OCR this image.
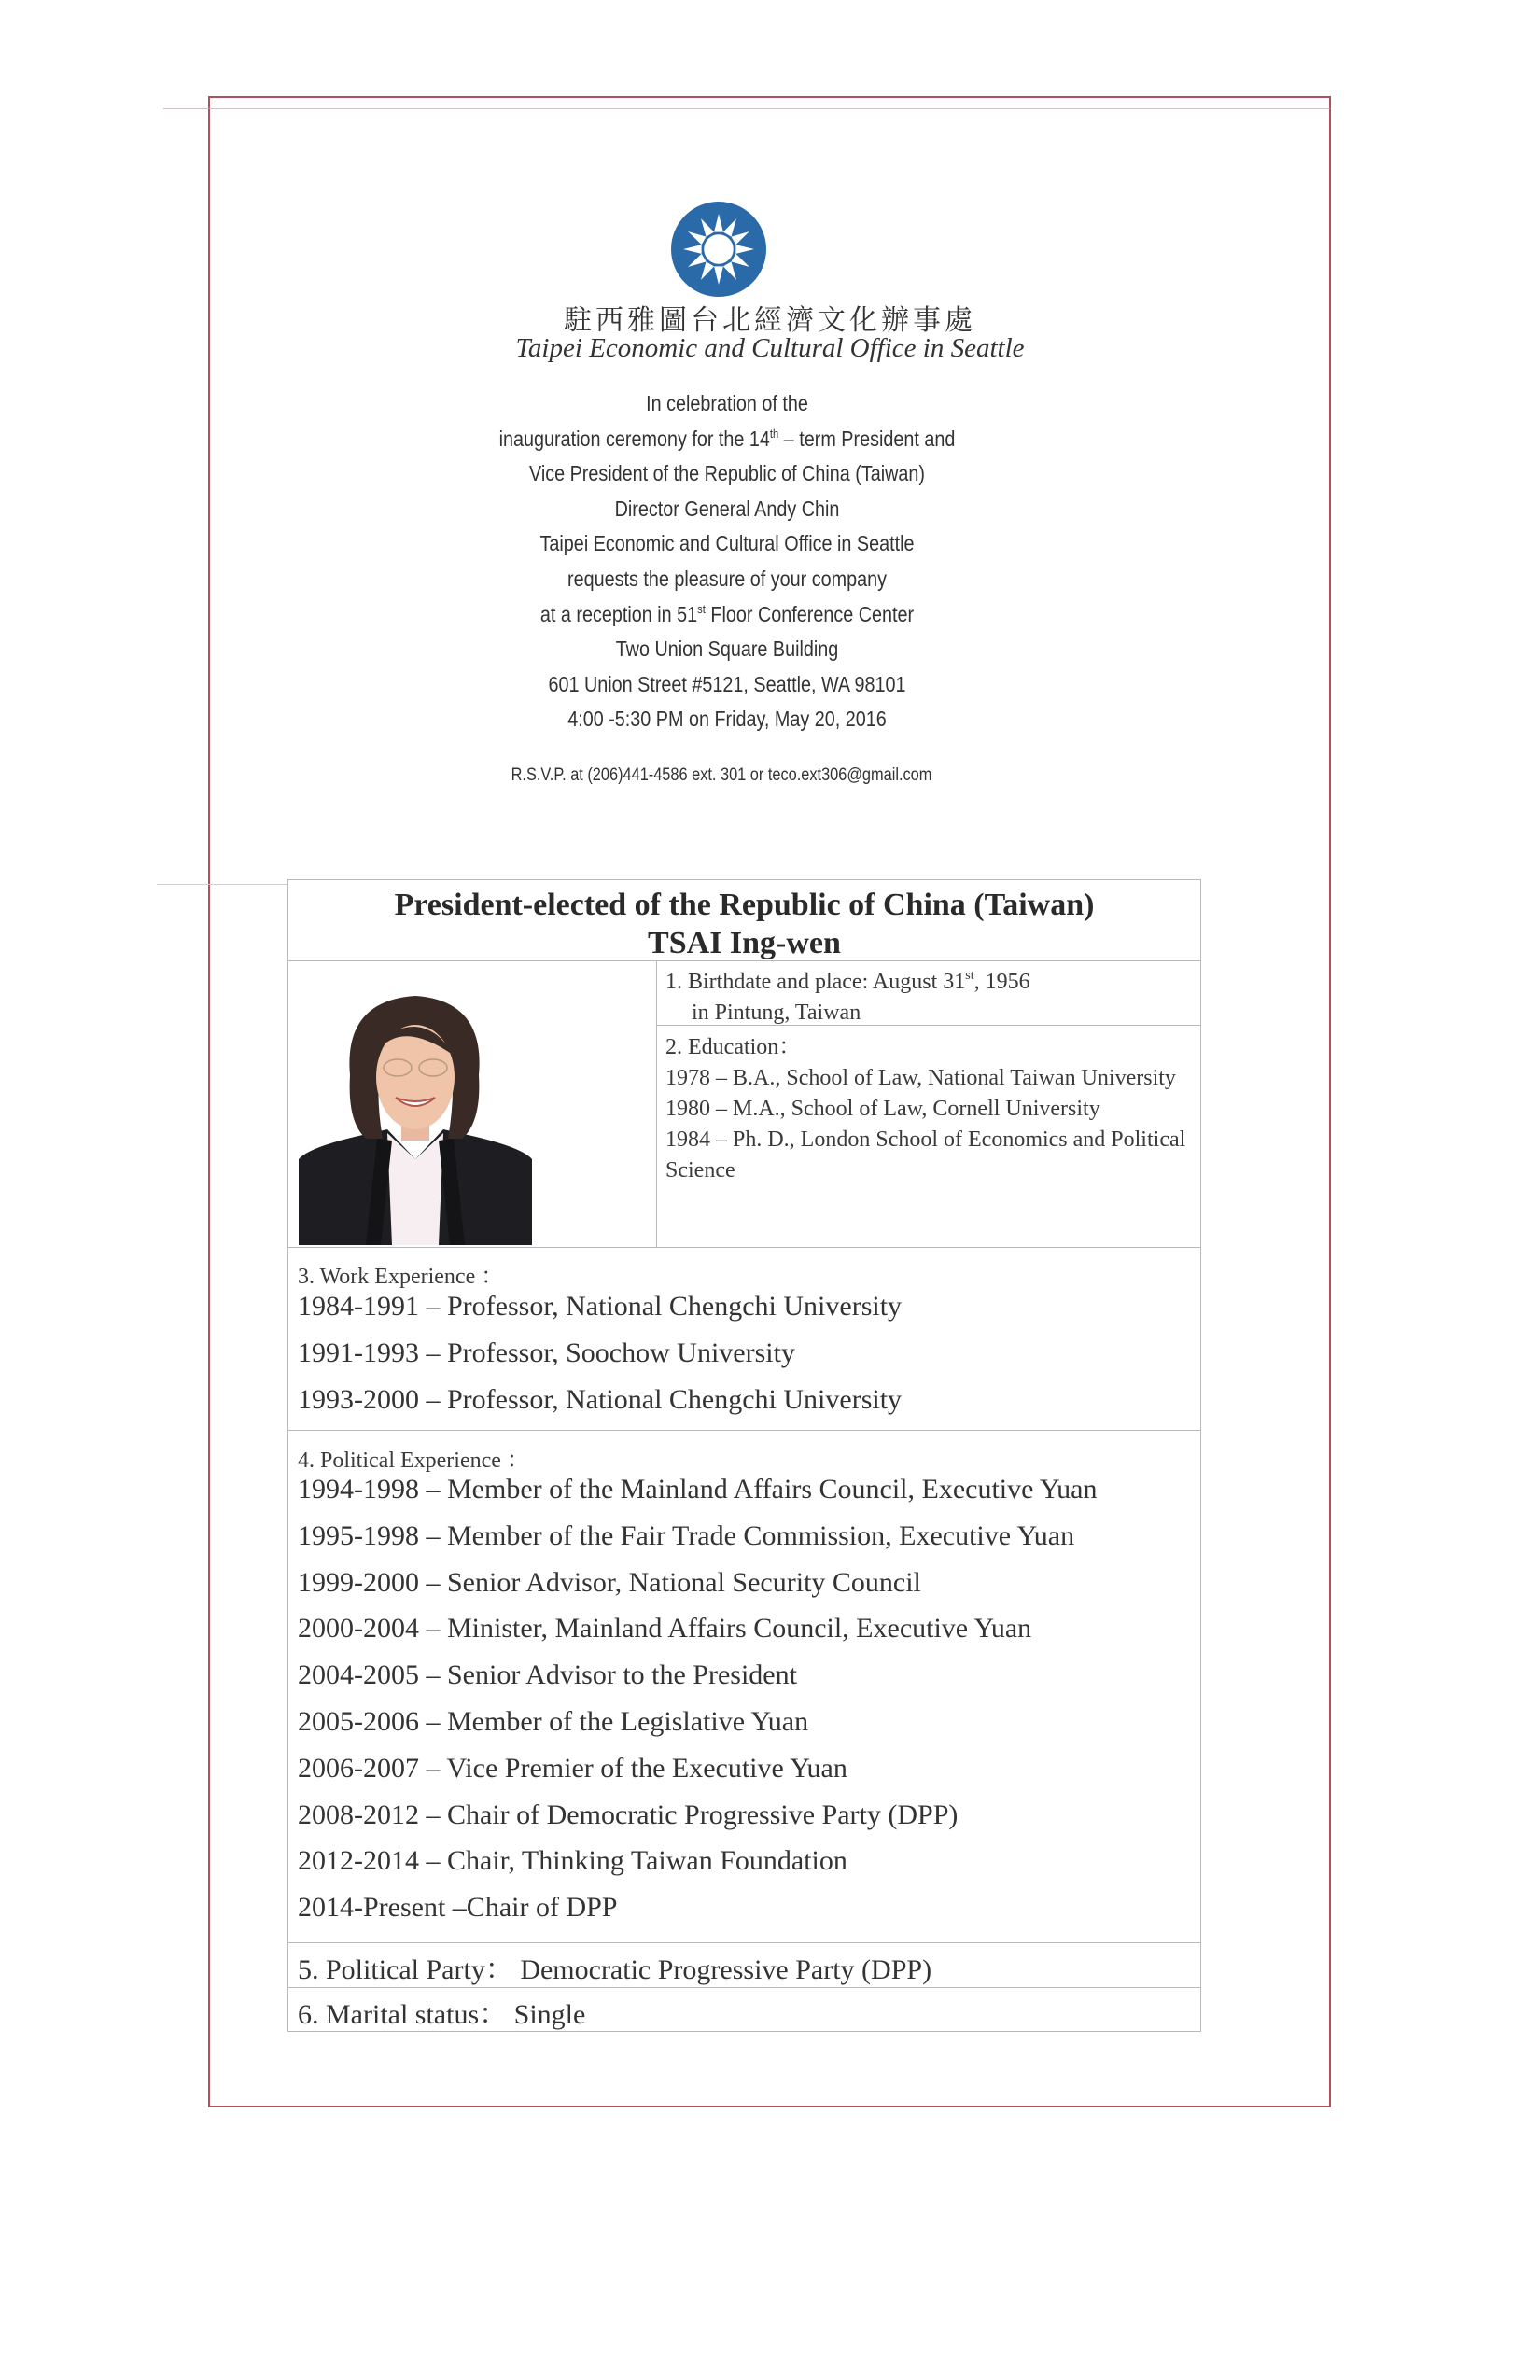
駐西雅圖台北經濟文化辦事處
Taipei Economic and Cultural Office in Seattle
In celebration of the
inauguration ceremony for the 14th – term President and
Vice President of the Republic of China (Taiwan)
Director General Andy Chin
Taipei Economic and Cultural Office in Seattle
requests the pleasure of your company
at a reception in 51st Floor Conference Center
Two Union Square Building
601 Union Street #5121, Seattle, WA 98101
4:00 -5:30 PM on Friday, May 20, 2016
R.S.V.P. at (206)441-4586 ext. 301 or teco.ext306@gmail.com
President-elected of the Republic of China (Taiwan)
TSAI Ing-wen
1. Birthdate and place: August 31st, 1956
in Pintung, Taiwan
2. Education：
1978 – B.A., School of Law, National Taiwan University
1980 – M.A., School of Law, Cornell University
1984 – Ph. D., London School of Economics and Political Science
3. Work Experience ：
1984-1991 – Professor, National Chengchi University
1991-1993 – Professor, Soochow University
1993-2000 – Professor, National Chengchi University
4. Political Experience ：
1994-1998 – Member of the Mainland Affairs Council, Executive Yuan
1995-1998 – Member of the Fair Trade Commission, Executive Yuan
1999-2000 – Senior Advisor, National Security Council
2000-2004 – Minister, Mainland Affairs Council, Executive Yuan
2004-2005 – Senior Advisor to the President
2005-2006 – Member of the Legislative Yuan
2006-2007 – Vice Premier of the Executive Yuan
2008-2012 – Chair of Democratic Progressive Party (DPP)
2012-2014 – Chair, Thinking Taiwan Foundation
2014-Present –Chair of DPP
5. Political Party： Democratic Progressive Party (DPP)
6. Marital status： Single
